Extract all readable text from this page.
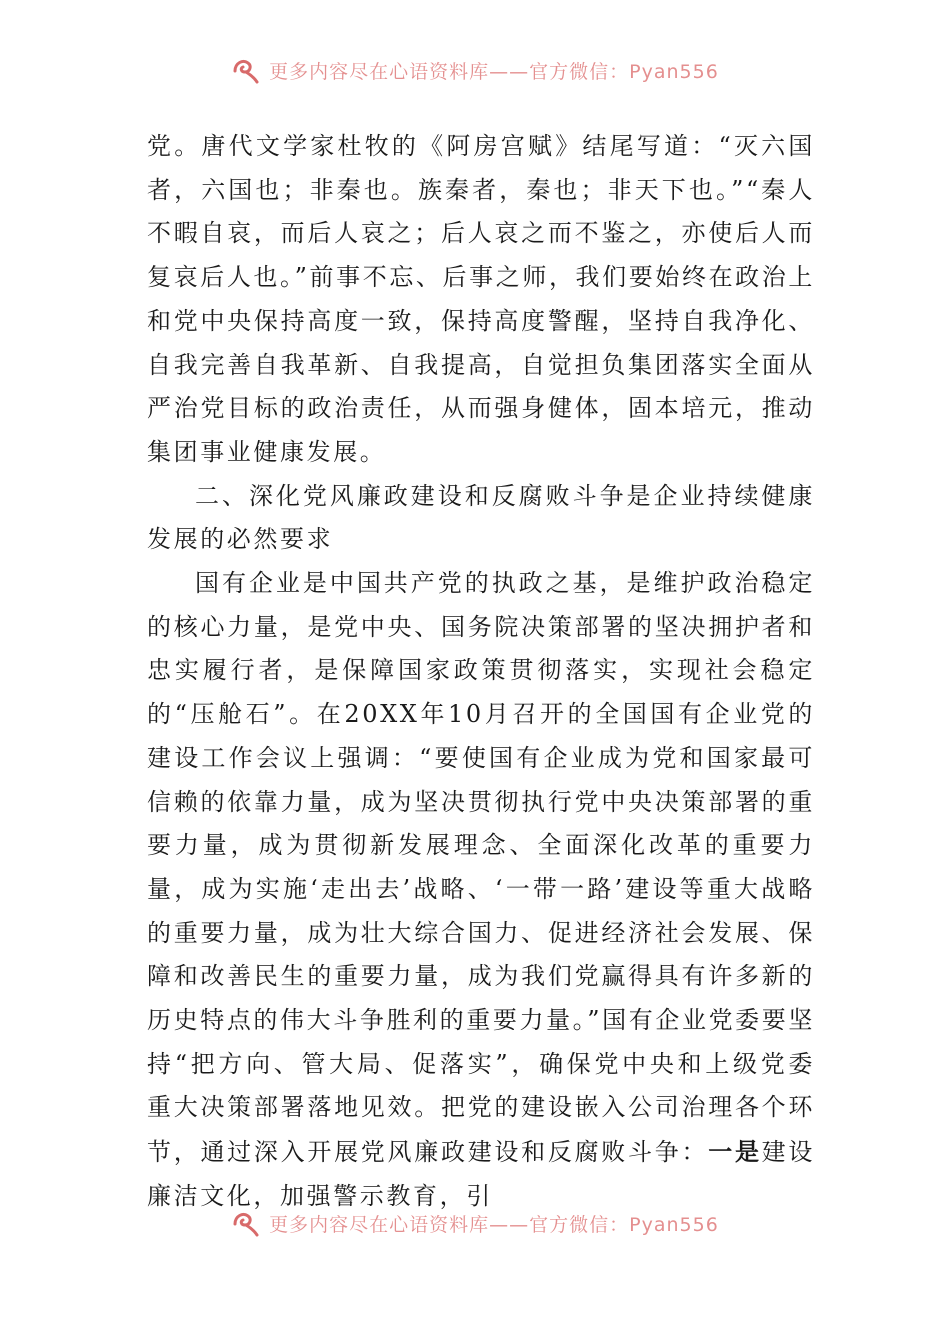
更多内容尽在心语资料库——官方微信：Pyan556

党。唐代文学家杜牧的《阿房宫赋》结尾写道：“灭六国者，六国也；非秦也。族秦者，秦也；非天下也。”“秦人不暇自哀，而后人哀之；后人哀之而不鉴之，亦使后人而复哀后人也。”前事不忘、后事之师，我们要始终在政治上和党中央保持高度一致，保持高度警醒，坚持自我净化、自我完善自我革新、自我提高，自觉担负集团落实全面从严治党目标的政治责任，从而强身健体，固本培元，推动集团事业健康发展。

二、深化党风廉政建设和反腐败斗争是企业持续健康发展的必然要求

国有企业是中国共产党的执政之基，是维护政治稳定的核心力量，是党中央、国务院决策部署的坚决拥护者和忠实履行者，是保障国家政策贯彻落实，实现社会稳定的“压舱石”。在20XX年10月召开的全国国有企业党的建设工作会议上强调：“要使国有企业成为党和国家最可信赖的依靠力量，成为坚决贯彻执行党中央决策部署的重要力量，成为贯彻新发展理念、全面深化改革的重要力量，成为实施‘走出去’战略、‘一带一路’建设等重大战略的重要力量，成为壮大综合国力、促进经济社会发展、保障和改善民生的重要力量，成为我们党赢得具有许多新的历史特点的伟大斗争胜利的重要力量。”国有企业党委要坚持“把方向、管大局、促落实”，确保党中央和上级党委重大决策部署落地见效。把党的建设嵌入公司治理各个环节，通过深入开展党风廉政建设和反腐败斗争：一是建设廉洁文化，加强警示教育，引

更多内容尽在心语资料库——官方微信：Pyan556
